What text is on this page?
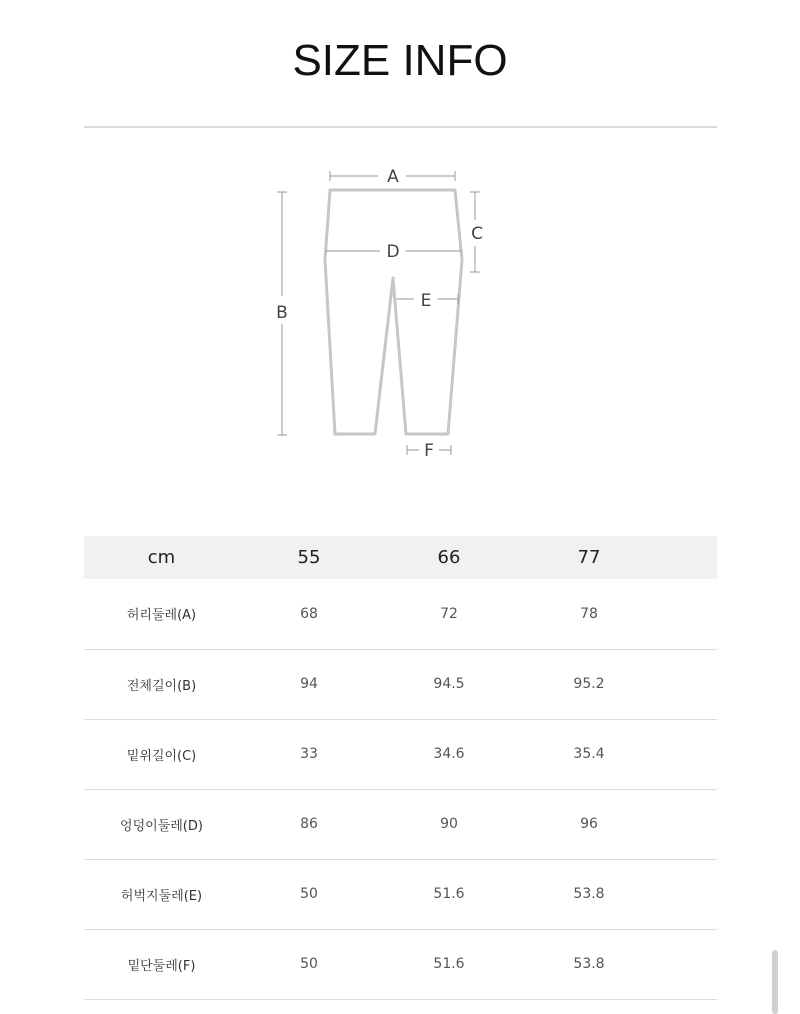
SIZE INFO
A
B
C
D
E
F
cm	55	66	77	
허리둘레(A)	68	72	78	
전체길이(B)	94	94.5	95.2	
밑위길이(C)	33	34.6	35.4	
엉덩이둘레(D)	86	90	96	
허벅지둘레(E)	50	51.6	53.8	
밑단둘레(F)	50	51.6	53.8	
